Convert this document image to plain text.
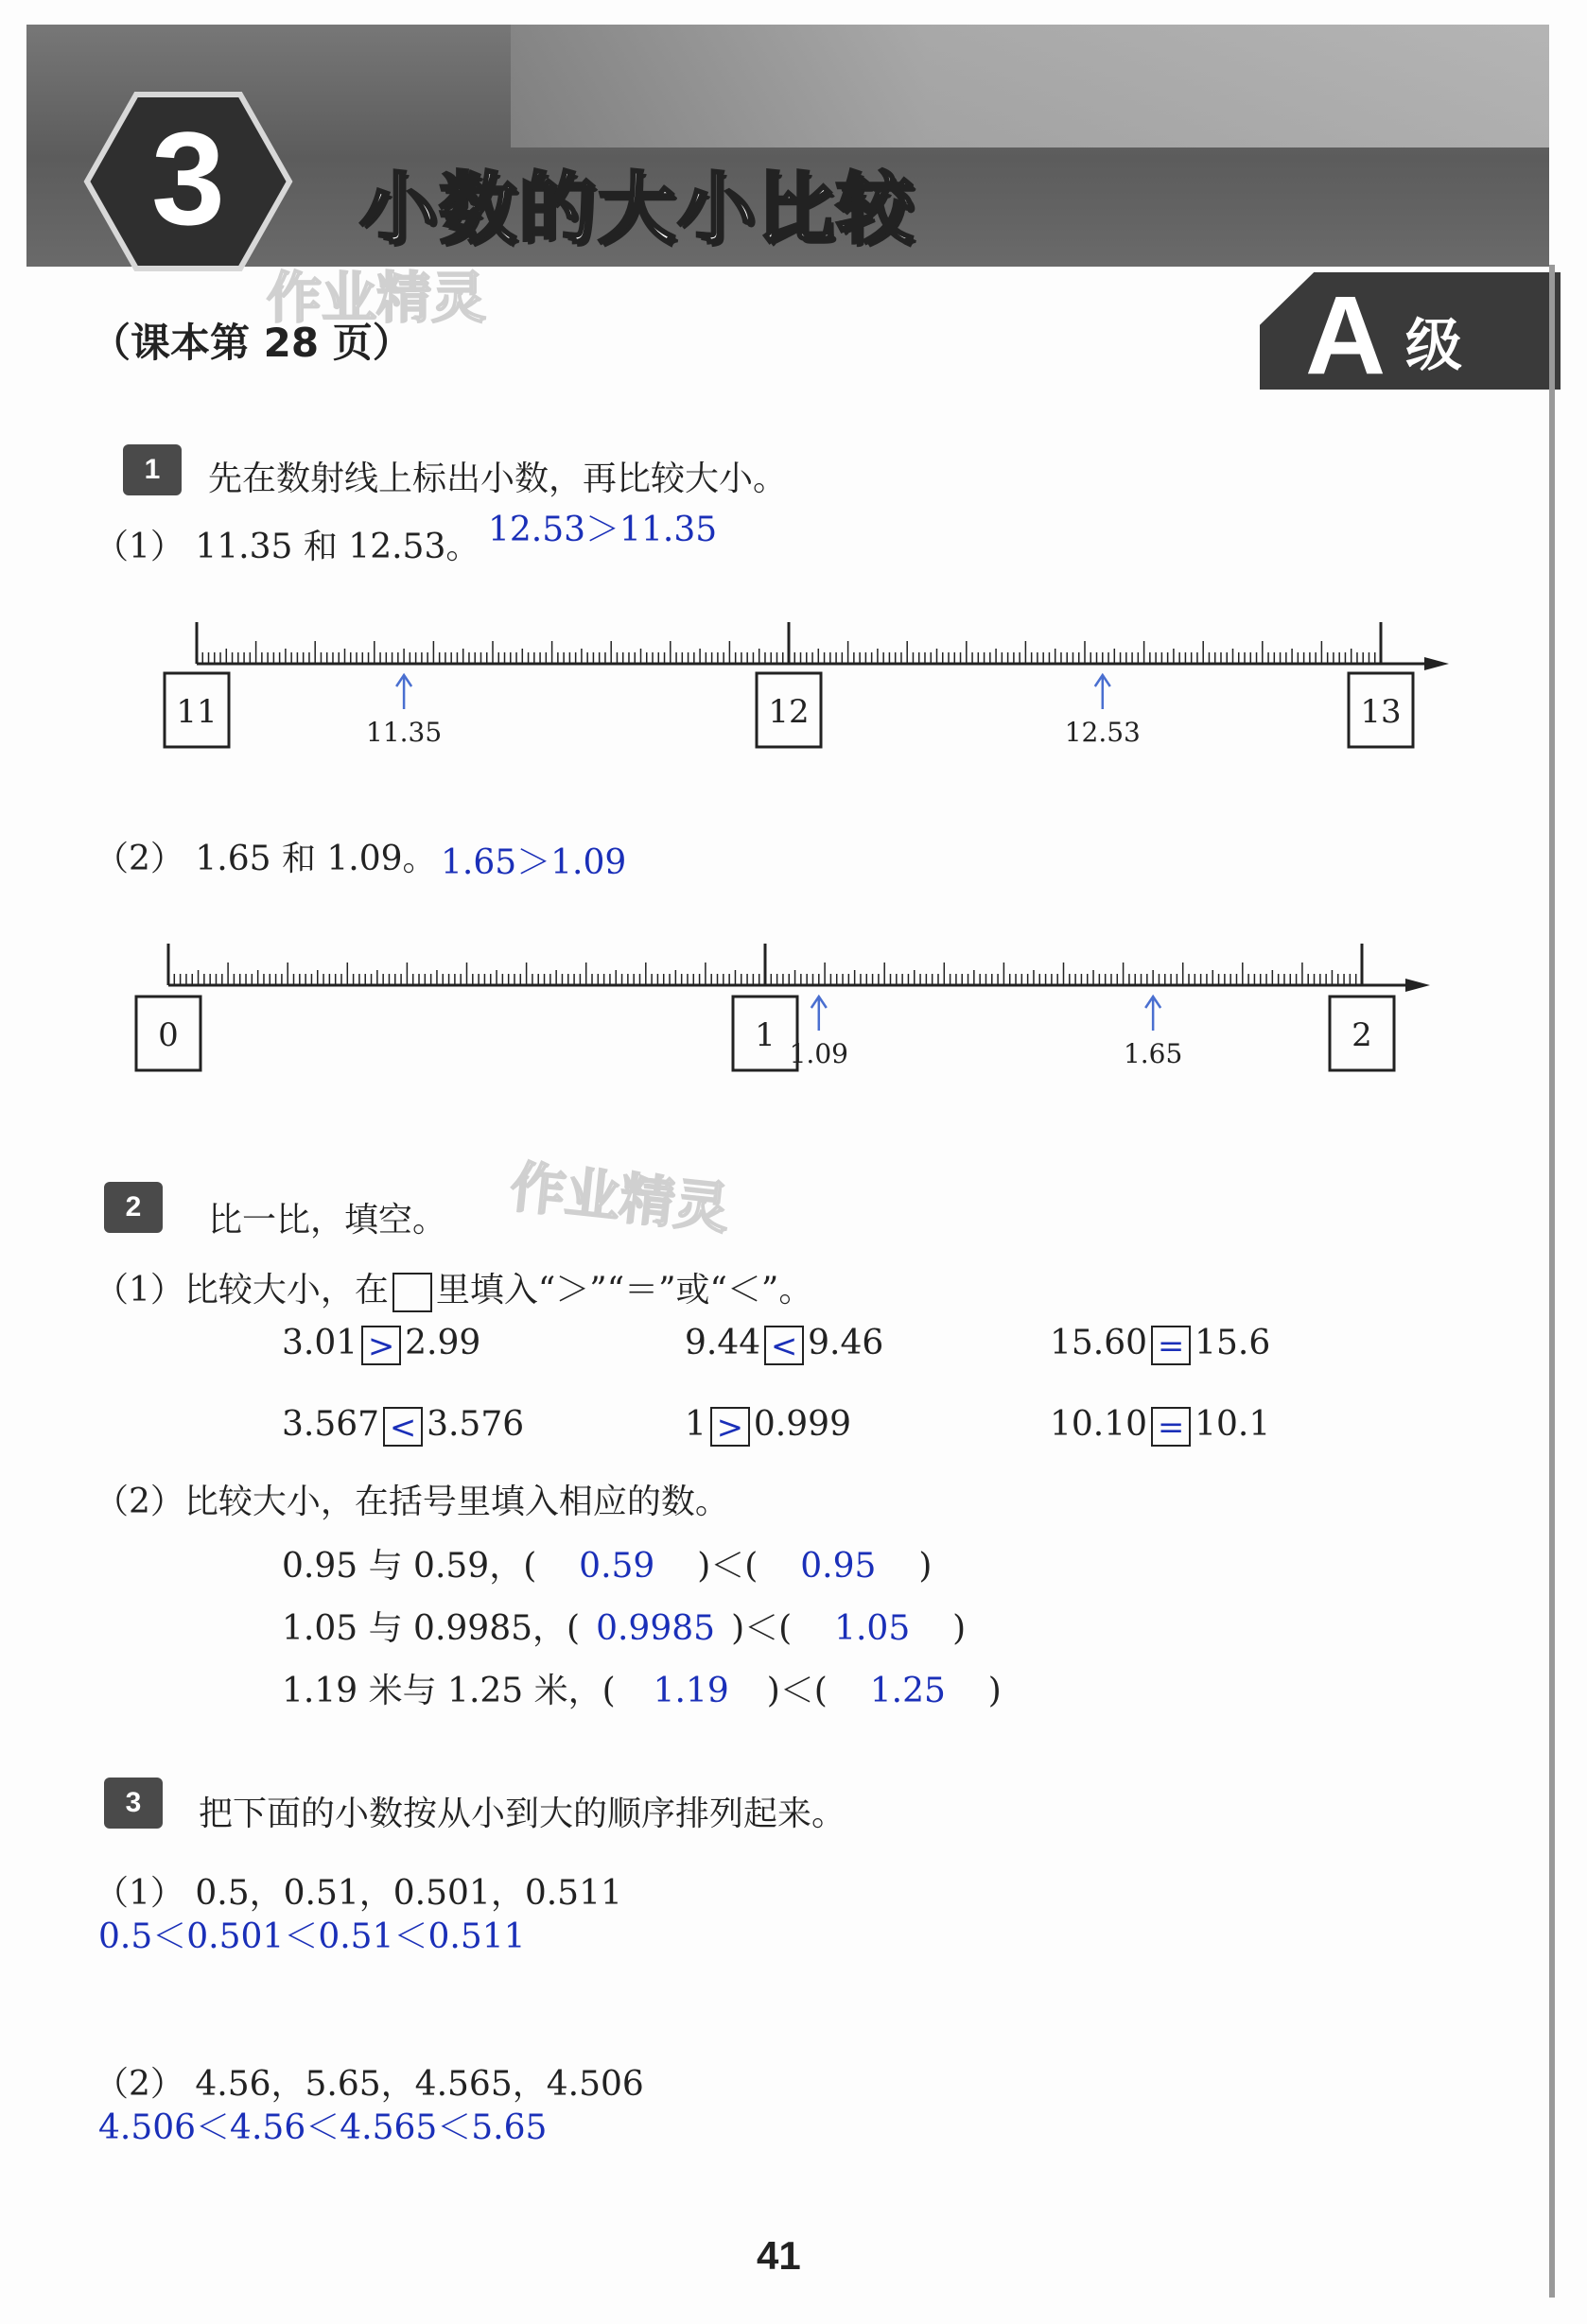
3	小数的大小比较
作业精灵
（课本第 28 页）	A 级
1	先在数射线上标出小数，再比较大小。
（1） 11.35 和 12.53。 12.53＞11.35
11	12	13
11.35	12.53
（2） 1.65 和 1.09。 1.65＞1.09
0	1	2
1.09	1.65
作业精灵
2	比一比，填空。
（1）比较大小，在 里填入“＞”“＝”或“＜”。
3.01 > 2.99	9.44 < 9.46	15.60 = 15.6
3.567 < 3.576	1 > 0.999	10.10 = 10.1
（2）比较大小，在括号里填入相应的数。
0.95 与 0.59，( 0.59 )＜( 0.95 )
1.05 与 0.9985，( 0.9985 )＜( 1.05 )
1.19 米与 1.25 米，( 1.19 )＜( 1.25 )
3	把下面的小数按从小到大的顺序排列起来。
（1） 0.5，0.51，0.501，0.511
0.5＜0.501＜0.51＜0.511
（2） 4.56，5.65，4.565，4.506
4.506＜4.56＜4.565＜5.65
41
